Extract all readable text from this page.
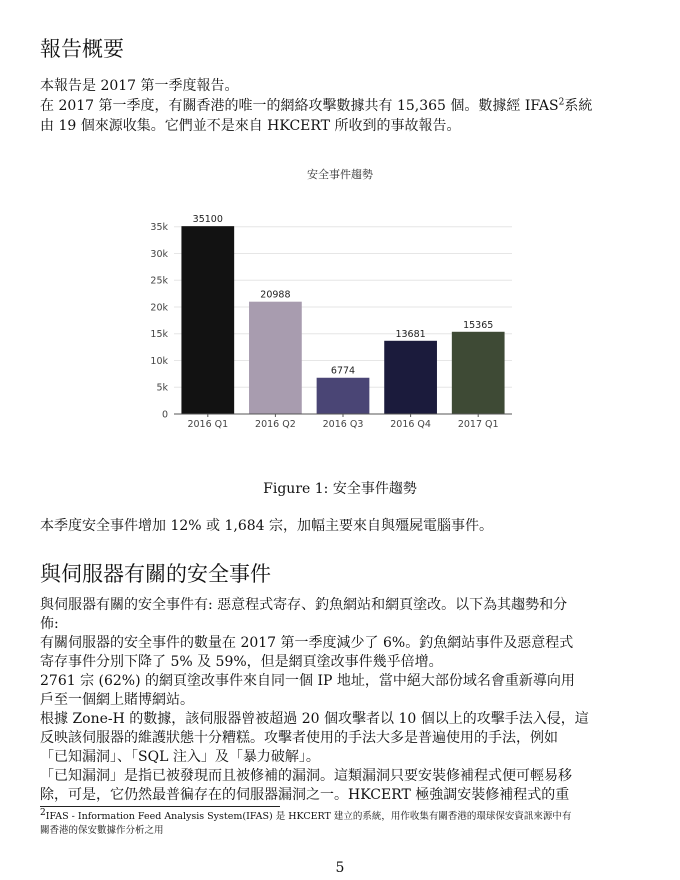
報告概要
本報告是 2017 第一季度報告。
在 2017 第一季度，有關香港的唯一的網絡攻擊數據共有 15,365 個。數據經 IFAS$^2$系統
由 19 個來源收集。它們並不是來自 HKCERT 所收到的事故報告。
安全事件趨勢
0
5k
10k
15k
20k
25k
30k
35k
35100
20988
6774
13681
15365
2016 Q1	2016 Q2	2016 Q3	2016 Q4	2017 Q1
Figure 1: 安全事件趨勢
本季度安全事件增加 12% 或 1,684 宗，加幅主要來自與殭屍電腦事件。
與伺服器有關的安全事件
與伺服器有關的安全事件有: 惡意程式寄存、釣魚網站和網頁塗改。以下為其趨勢和分
佈:
有關伺服器的安全事件的數量在 2017 第一季度減少了 6%。釣魚網站事件及惡意程式
寄存事件分別下降了 5% 及 59%，但是網頁塗改事件幾乎倍增。
2761 宗 (62%) 的網頁塗改事件來自同一個 IP 地址，當中絕大部份域名會重新導向用
戶至一個網上賭博網站。
根據 Zone-H 的數據，該伺服器曾被超過 20 個攻擊者以 10 個以上的攻擊手法入侵，這
反映該伺服器的維護狀態十分糟糕。攻擊者使用的手法大多是普遍使用的手法，例如
「已知漏洞」、「SQL 注入」及「暴力破解」。
「已知漏洞」是指已被發現而且被修補的漏洞。這類漏洞只要安裝修補程式便可輕易移
除，可是，它仍然最普徧存在的伺服器漏洞之一。HKCERT 極強調安裝修補程式的重
$^2$IFAS - Information Feed Analysis System(IFAS) 是 HKCERT 建立的系統，用作收集有關香港的環球保安資訊來源中有
關香港的保安數據作分析之用
5
